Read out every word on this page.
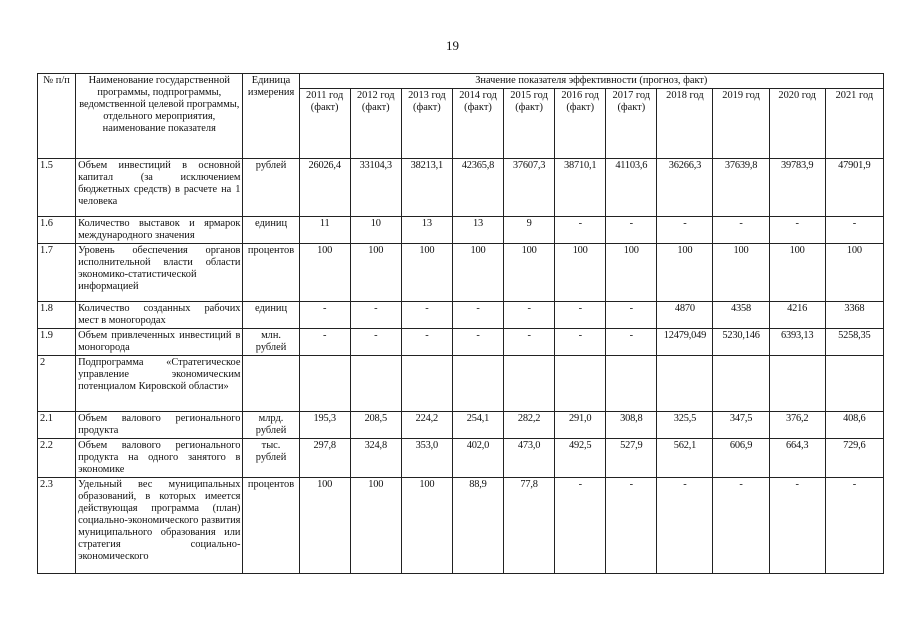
19
№ п/п	Наименование государственной программы, подпрограммы, ведомственной целевой программы, отдельного мероприятия, наименование показателя	Единица измерения	Значение показателя эффективности (прогноз, факт)										
			2011 год (факт)	2012 год (факт)	2013 год (факт)	2014 год (факт)	2015 год (факт)	2016 год (факт)	2017 год (факт)	2018 год	2019 год	2020 год	2021 год
1.5	Объем инвестиций в основной капитал (за исключением бюджетных средств) в расчете на 1 человека	рублей	26026,4	33104,3	38213,1	42365,8	37607,3	38710,1	41103,6	36266,3	37639,8	39783,9	47901,9
1.6	Количество выставок и ярмарок международного значения	единиц	11	10	13	13	9	-	-	-	-	-	-
1.7	Уровень обеспечения органов исполнительной власти области экономико-статистической информацией	процентов	100	100	100	100	100	100	100	100	100	100	100
1.8	Количество созданных рабочих мест в моногородах	единиц	-	-	-	-	-	-	-	4870	4358	4216	3368
1.9	Объем привлеченных инвестиций в моногорода	млн. рублей	-	-	-	-	-	-	-	12479,049	5230,146	6393,13	5258,35
2	Подпрограмма «Стратегическое управление экономическим потенциалом Кировской области»												
2.1	Объем валового регионального продукта	млрд. рублей	195,3	208,5	224,2	254,1	282,2	291,0	308,8	325,5	347,5	376,2	408,6
2.2	Объем валового регионального продукта на одного занятого в экономике	тыс. рублей	297,8	324,8	353,0	402,0	473,0	492,5	527,9	562,1	606,9	664,3	729,6
2.3	Удельный вес муниципальных образований, в которых имеется действующая программа (план) социально-экономического развития муниципального образования или стратегия социально-экономического	процентов	100	100	100	88,9	77,8	-	-	-	-	-	-
